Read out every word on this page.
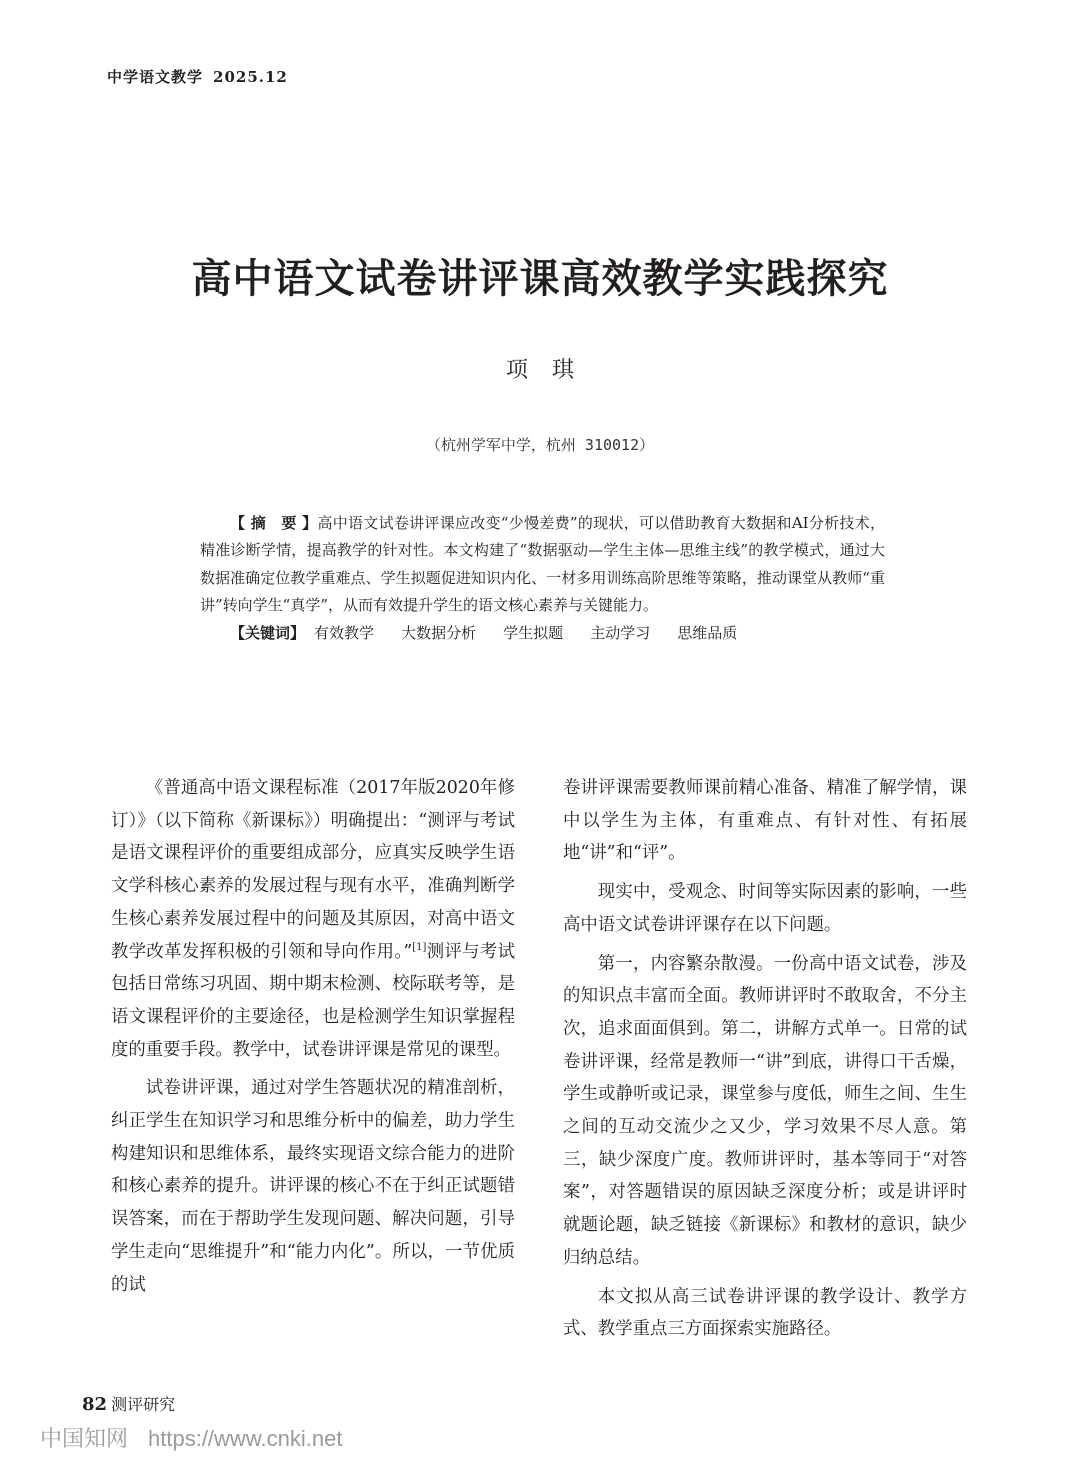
中学语文教学 2025.12
高中语文试卷讲评课高效教学实践探究
项琪
（杭州学军中学，杭州 310012）

【 摘　要 】高中语文试卷讲评课应改变“少慢差费”的现状，可以借助教育大数据和AI分析技术，精准诊断学情，提高教学的针对性。本文构建了“数据驱动—学生主体—思维主线”的教学模式，通过大数据准确定位教学重难点、学生拟题促进知识内化、一材多用训练高阶思维等策略，推动课堂从教师“重讲”转向学生“真学”，从而有效提升学生的语文核心素养与关键能力。

【关键词】 有效教学 大数据分析 学生拟题 主动学习 思维品质

《普通高中语文课程标准（2017年版2020年修订）》（以下简称《新课标》）明确提出：“测评与考试是语文课程评价的重要组成部分，应真实反映学生语文学科核心素养的发展过程与现有水平，准确判断学生核心素养发展过程中的问题及其原因，对高中语文教学改革发挥积极的引领和导向作用。”[1]测评与考试包括日常练习巩固、期中期末检测、校际联考等，是语文课程评价的主要途径，也是检测学生知识掌握程度的重要手段。教学中，试卷讲评课是常见的课型。

试卷讲评课，通过对学生答题状况的精准剖析，纠正学生在知识学习和思维分析中的偏差，助力学生构建知识和思维体系，最终实现语文综合能力的进阶和核心素养的提升。讲评课的核心不在于纠正试题错误答案，而在于帮助学生发现问题、解决问题，引导学生走向“思维提升”和“能力内化”。所以，一节优质的试

卷讲评课需要教师课前精心准备、精准了解学情，课中以学生为主体，有重难点、有针对性、有拓展地“讲”和“评”。

现实中，受观念、时间等实际因素的影响，一些高中语文试卷讲评课存在以下问题。

第一，内容繁杂散漫。一份高中语文试卷，涉及的知识点丰富而全面。教师讲评时不敢取舍，不分主次，追求面面俱到。第二，讲解方式单一。日常的试卷讲评课，经常是教师一“讲”到底，讲得口干舌燥，学生或静听或记录，课堂参与度低，师生之间、生生之间的互动交流少之又少，学习效果不尽人意。第三，缺少深度广度。教师讲评时，基本等同于“对答案”，对答题错误的原因缺乏深度分析；或是讲评时就题论题，缺乏链接《新课标》和教材的意识，缺少归纳总结。

本文拟从高三试卷讲评课的教学设计、教学方式、教学重点三方面探索实施路径。

82 测评研究
中国知网 https://www.cnki.net
